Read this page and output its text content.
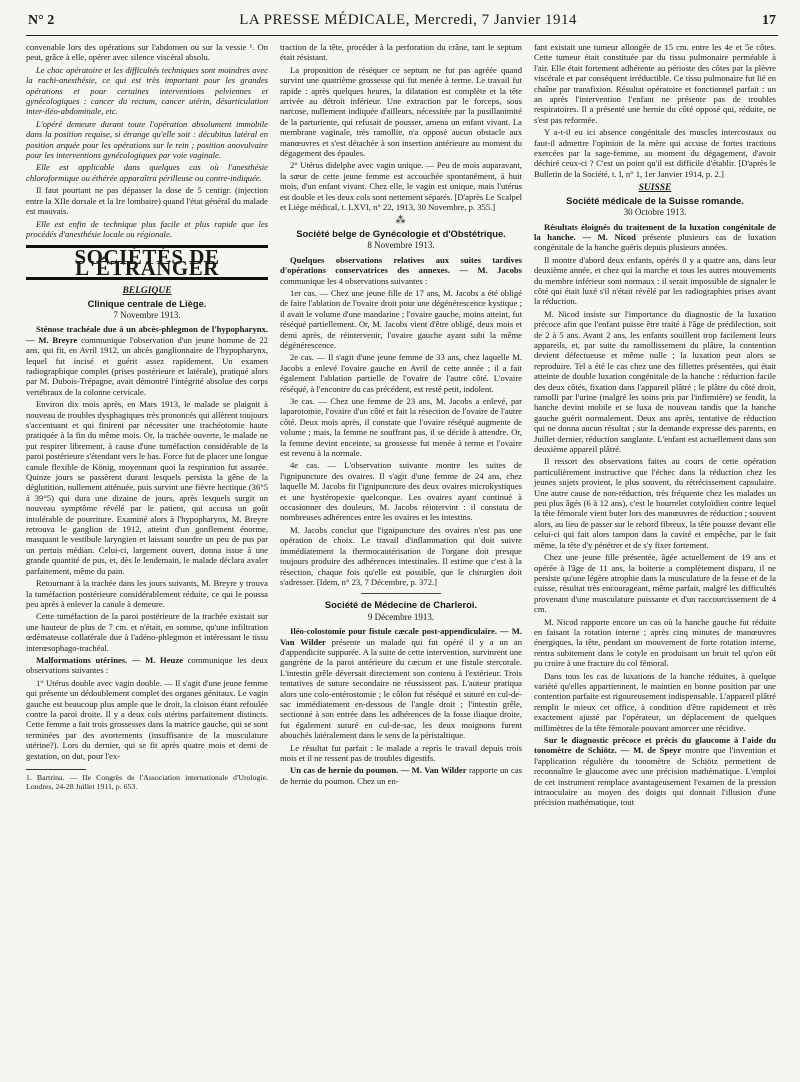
N° 2	LA PRESSE MÉDICALE, Mercredi, 7 Janvier 1914	17

convenable lors des opérations sur l'abdomen ou sur la vessie ¹. On peut, grâce à elle, opérer avec silence viscéral absolu.

Le choc opératoire et les difficultés techniques sont moindres avec la rachi-anesthésie, ce qui est très important pour les grandes opérations et pour certaines interventions pelviennes et gynécologiques : cancer du rectum, cancer utérin, désarticulation inter-iléo-abdominale, etc.

L'opéré demeure durant toute l'opération absolument immobile dans la position requise, si étrange qu'elle soit : décubitus latéral en position arquée pour les opérations sur le rein ; position anovulvaire pour les interventions gynécologiques par voie vaginale.

Elle est applicable dans quelques cas où l'anesthésie chloroformique ou éthérée apparaîtra périlleuse ou contre-indiquée.

Il faut pourtant ne pas dépasser la dose de 5 centigr. (injection entre la XIIe dorsale et la Ire lombaire) quand l'état général du malade est mauvais.

Elle est enfin de technique plus facile et plus rapide que les procédés d'anesthésie locale ou régionale.

SOCIÉTÉS DE L'ÉTRANGER
BELGIQUE
Clinique centrale de Liège.
7 Novembre 1913.

Sténose trachéale due à un abcès-phlegmon de l'hypopharynx. — M. Breyre communique l'observation d'un jeune homme de 22 ans, qui fit, en Avril 1912, un abcès ganglionnaire de l'hypopharynx, lequel fut incisé et guérit assez rapidement. Un examen radiographique complet (prises postérieure et latérale), pratiqué alors par M. Dubois-Trépagne, avait démontré l'intégrité absolue des corps vertébraux de la colonne cervicale.

Environ dix mois après, en Mars 1913, le malade se plaignit à nouveau de troubles dysphagiques très prononcés qui allèrent toujours s'accentuant et qui finirent par nécessiter une trachéotomie haute pratiquée à la fin du même mois. Or, la trachée ouverte, le malade ne put respirer librement, à cause d'une tuméfaction considérable de la paroi postérieure s'étendant vers le bas. Force fut de placer une longue canule flexible de König, moyennant quoi la respiration fut assurée. Quinze jours se passèrent durant lesquels persista la gêne de la déglutition, nullement atténuée, puis survint une fièvre hectique (36°5 à 39°5) qui dura une dizaine de jours, après lesquels surgit un nouveau symptôme révélé par le patient, qui accusa un goût intolérable de pourriture. Examiné alors à l'hypopharynx, M. Breyre retrouva le ganglion de 1912, atteint d'un gonflement énorme, masquant le vestibule laryngien et laissant sourdre un peu de pus par un pertuis médian. Celui-ci, largement ouvert, donna issue à une grande quantité de pus, et, dès le lendemain, le malade déclara avaler parfaitement, même du pain.

Retournant à la trachée dans les jours suivants, M. Breyre y trouva la tuméfaction postérieure considérablement réduite, ce qui le poussa peu après à enlever la canule à demeure.

Cette tuméfaction de la paroi postérieure de la trachée existait sur une hauteur de plus de 7 cm. et n'était, en somme, qu'une infiltration œdémateuse collatérale due à l'adéno-phlegmon et intéressant le tissu interœsophago-trachéal.

Malformations utérines. — M. Heuze communique les deux observations suivantes :

1° Utérus double avec vagin double. — Il s'agit d'une jeune femme qui présente un dédoublement complet des organes génitaux. Le vagin gauche est beaucoup plus ample que le droit, la cloison étant refoulée contre la paroi droite. Il y a deux cols utérins parfaitement distincts. Cette femme a fait trois grossesses dans la matrice gauche, qui se sont terminées par des avortements (insuffisance de la musculature utérine?). Lors du dernier, qui se fit après quatre mois et demi de gestation, on dut, pour l'ex-

1. Bartrina. — IIe Congrès de l'Association internationale d'Urologie. Londres, 24-28 Juillet 1911, p. 653.

traction de la tête, procéder à la perforation du crâne, tant le septum était résistant.

La proposition de réséquer ce septum ne fut pas agréée quand survint une quatrième grossesse qui fut menée à terme. Le travail fut rapide : après quelques heures, la dilatation est complète et la tête arrivée au détroit inférieur. Une extraction par le forceps, sous narcose, nullement indiquée d'ailleurs, nécessitée par la pusillanimité de la parturiente, qui refusait de pousser, amena un enfant vivant. La membrane vaginale, très ramollie, n'a opposé aucun obstacle aux manœuvres et s'est détachée à son insertion antérieure au moment du dégagement des épaules.

2° Utérus didelphe avec vagin unique. — Peu de mois auparavant, la sœur de cette jeune femme est accouchée spontanément, à huit mois, d'un enfant vivant. Chez elle, le vagin est unique, mais l'utérus est double et les deux cols sont nettement séparés. [D'après Le Scalpel et Liège médical, t. LXVI, n° 22, 1913, 30 Novembre, p. 355.]

⁂
Société belge de Gynécologie et d'Obstétrique.
8 Novembre 1913.

Quelques observations relatives aux suites tardives d'opérations conservatrices des annexes. — M. Jacobs communique les 4 observations suivantes :

1er cas. — Chez une jeune fille de 17 ans, M. Jacobs a été obligé de faire l'ablation de l'ovaire droit pour une dégénérescence kystique ; il avait le volume d'une mandarine ; l'ovaire gauche, moins atteint, fut réséqué partiellement. Or, M. Jacobs vient d'être obligé, deux mois et demi après, de réintervenir, l'ovaire gauche ayant subi la même dégénérescence.

2e cas. — Il s'agit d'une jeune femme de 33 ans, chez laquelle M. Jacobs a enlevé l'ovaire gauche en Avril de cette année ; il a fait également l'ablation partielle de l'ovaire de l'autre côté. L'ovaire réséqué, à l'encontre du cas précédent, est resté petit, indolent.

3e cas. — Chez une femme de 23 ans, M. Jacobs a enlevé, par laparotomie, l'ovaire d'un côté et fait la résection de l'ovaire de l'autre côté. Deux mois après, il constate que l'ovaire réséqué augmente de volume ; mais, la femme ne souffrant pas, il se décide à attendre. Or, la femme devint enceinte, sa grossesse fut menée à terme et l'ovaire est revenu à la normale.

4e cas. — L'observation suivante montre les suites de l'ignipuncture des ovaires. Il s'agit d'une femme de 24 ans, chez laquelle M. Jacobs fit l'ignipuncture des deux ovaires microkystiques et une hystéropexie quelconque. Les ovaires ayant continué à occasionner des douleurs, M. Jacobs réintervint : il constata de nombreuses adhérences entre les ovaires et les intestins.

M. Jacobs conclut que l'ignipuncture des ovaires n'est pas une opération de choix. Le travail d'inflammation qui doit suivre immédiatement la thermocautérisation de l'organe doit presque toujours produire des adhérences intestinales. Il estime que c'est à la résection, chaque fois qu'elle est possible, que le chirurgien doit s'adresser. [Idem, n° 23, 7 Décembre, p. 372.]

Société de Médecine de Charleroi.
9 Décembre 1913.

Iléo-colostomie pour fistule cæcale post-appendiculaire. — M. Van Wilder présente un malade qui fut opéré il y a un an d'appendicite suppurée. A la suite de cette intervention, survinrent une gangrène de la paroi antérieure du cæcum et une fistule stercorale. L'intestin grêle déversait directement son contenu à l'extérieur. Trois tentatives de suture secondaire ne réussissent pas. L'auteur pratiqua alors une colo-entérostomie ; le côlon fut réséqué et suturé en cul-de-sac immédiatement en-dessous de l'angle droit ; l'intestin grêle, sectionné à son entrée dans les adhérences de la fosse iliaque droite, fut également suturé en cul-de-sac, les deux moignons furent abouchés latéralement dans le sens de la péristaltique.

Le résultat fut parfait : le malade a repris le travail depuis trois mois et il ne ressent pas de troubles digestifs.

Un cas de hernie du poumon. — M. Van Wilder rapporte un cas de hernie du poumon. Chez un en-

fant existait une tumeur allongée de 15 cm. entre les 4e et 5e côtes. Cette tumeur était constituée par du tissu pulmonaire perméable à l'air. Elle était fortement adhérente au périoste des côtes par la plèvre viscérale et par conséquent irréductible. Ce tissu pulmonaire fut lié en chaîne par transfixion. Résultat opératoire et fonctionnel parfait : un an après l'intervention l'enfant ne présente pas de troubles respiratoires. Il a présenté une hernie du côté opposé qui, réduite, ne s'est pas reformée.

Y a-t-il eu ici absence congénitale des muscles intercostaux ou faut-il admettre l'opinion de la mère qui accuse de fortes tractions exercées par la sage-femme, au moment du dégagement, d'avoir déchiré ceux-ci ? C'est un point qu'il est difficile d'établir. [D'après le Bulletin de la Société, t. I, n° 1, 1er Janvier 1914, p. 2.]

SUISSE
Société médicale de la Suisse romande.
30 Octobre 1913.

Résultats éloignés du traitement de la luxation congénitale de la hanche. — M. Nicod présente plusieurs cas de luxation congénitale de la hanche guéris depuis plusieurs années.

Il montre d'abord deux enfants, opérés il y a quatre ans, dans leur deuxième année, et chez qui la marche et tous les autres mouvements du membre inférieur sont normaux : il serait impossible de signaler le côté qui était luxé s'il n'était révélé par les radiographies prises avant la réduction.

M. Nicod insiste sur l'importance du diagnostic de la luxation précoce afin que l'enfant puisse être traité à l'âge de prédilection, soit de 2 à 5 ans. Avant 2 ans, les enfants souillent trop facilement leurs appareils, et, par suite du ramollissement du plâtre, la contention devient défectueuse et même nulle ; la luxation peut alors se reproduire. Tel a été le cas chez une des fillettes présentées, qui était atteinte de double luxation congénitale de la hanche : réduction facile des deux côtés, fixation dans l'appareil plâtré ; le plâtre du côté droit, ramolli par l'urine (malgré les soins pris par l'infirmière) se fendit, la hanche devint mobile et se luxa de nouveau tandis que la hanche gauche guérit normalement. Deux ans après, tentative de réduction qui ne donna aucun résultat ; sur la demande expresse des parents, en Juillet dernier, réduction sanglante. L'enfant est actuellement dans son deuxième appareil plâtré.

Il ressort des observations faites au cours de cette opération particulièrement instructive que l'échec dans la réduction chez les jeunes sujets provient, le plus souvent, du rétrécissement capsulaire. Une autre cause de non-réduction, très fréquente chez les malades un peu plus âgés (6 à 12 ans), c'est le bourrelet cotyloïdien contre lequel la tête fémorale vient buter lors des manœuvres de réduction ; souvent alors, au lieu de passer sur le rebord fibreux, la tête pousse devant elle celui-ci qui fait alors tampon dans la cavité et empêche, par le fait même, la tête d'y pénétrer et de s'y fixer fortement.

Chez une jeune fille présentée, âgée actuellement de 19 ans et opérée à l'âge de 11 ans, la boiterie a complètement disparu, il ne persiste qu'une légère atrophie dans la musculature de la fesse et de la cuisse, résultat très encourageant, même parfait, malgré les difficultés provenant d'une musculature puissante et d'un raccourcissement de 4 cm.

M. Nicod rapporte encore un cas où la hanche gauche fut réduite en faisant la rotation interne ; après cinq minutes de manœuvres énergiques, la tête, pendant un mouvement de forte rotation interne, rentra subitement dans le cotyle en produisant un bruit tel qu'on eût pu croire à une fracture du col fémoral.

Dans tous les cas de luxations de la hanche réduites, à quelque variété qu'elles appartiennent, le maintien en bonne position par une contention parfaite est rigoureusement indispensable. L'appareil plâtré remplit le mieux cet office, à condition d'être rapidement et très exactement ajusté par l'opérateur, un déplacement de quelques millimètres de la tête fémorale pouvant amorcer une récidive.

Sur le diagnostic précoce et précis du glaucome à l'aide du tonomètre de Schiötz. — M. de Speyr montre que l'invention et l'application régulière du tonomètre de Schiötz permettent de reconnaître le glaucome avec une précision mathématique. L'emploi de cet instrument remplace avantageusement l'examen de la pression intraoculaire au moyen des doigts qui donnait l'illusion d'une précision mathématique, tout
